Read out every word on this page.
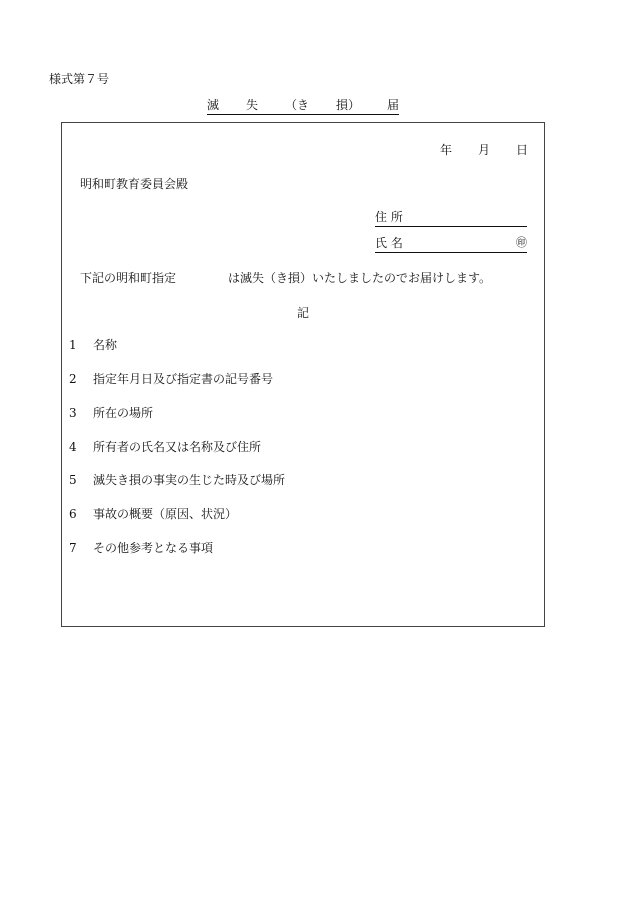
様式第７号
滅 失 （き 損） 届
年 月 日
明和町教育委員会殿
住 所
氏 名	㊞
下記の明和町指定	は滅失（き損）いたしましたのでお届けします。
記
1 名称
2 指定年月日及び指定書の記号番号
3 所在の場所
4 所有者の氏名又は名称及び住所
5 滅失き損の事実の生じた時及び場所
6 事故の概要（原因、状況）
7 その他参考となる事項
